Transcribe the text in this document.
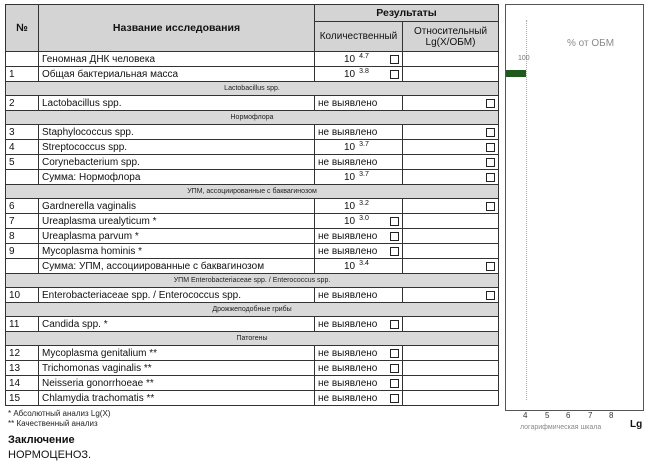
№	Название исследования	Результаты	
		Количественный	Относительный
Lg(X/ОБМ)
	Геномная ДНК человека	10 $^{4.7}$

1	Общая бактериальная масса	10 $^{3.8}$

Lactobacillus spp.			
2	Lactobacillus spp.	не выявлено	

Нормофлора			
3	Staphylococcus spp.	не выявлено	

4	Streptococcus spp.	10 $^{3.7}$	

5	Corynebacterium spp.	не выявлено	

	Сумма: Нормофлора	10 $^{3.7}$	

УПМ, ассоциированные с баквагинозом			
6	Gardnerella vaginalis	10 $^{3.2}$	

7	Ureaplasma urealyticum *	10 $^{3.0}$

8	Ureaplasma parvum *	не выявлено

9	Mycoplasma hominis *	не выявлено

	Сумма: УПМ, ассоциированные с баквагинозом	10 $^{3.4}$	

УПМ Enterobacteriaceae spp. / Enterococcus spp.			
10	Enterobacteriaceae spp. / Enterococcus spp.	не выявлено	

Дрожжеподобные грибы			
11	Candida spp. *	не выявлено

Патогены			
12	Mycoplasma genitalium **	не выявлено

13	Trichomonas vaginalis **	не выявлено

14	Neisseria gonorrhoeae **	не выявлено

15	Chlamydia trachomatis **	не выявлено

% от ОБМ
100
4 5 6 7 8
логарифмическая шкала	Lg
* Абсолютный анализ Lg(X)
** Качественный анализ
Заключение
НОРМОЦЕНОЗ.
